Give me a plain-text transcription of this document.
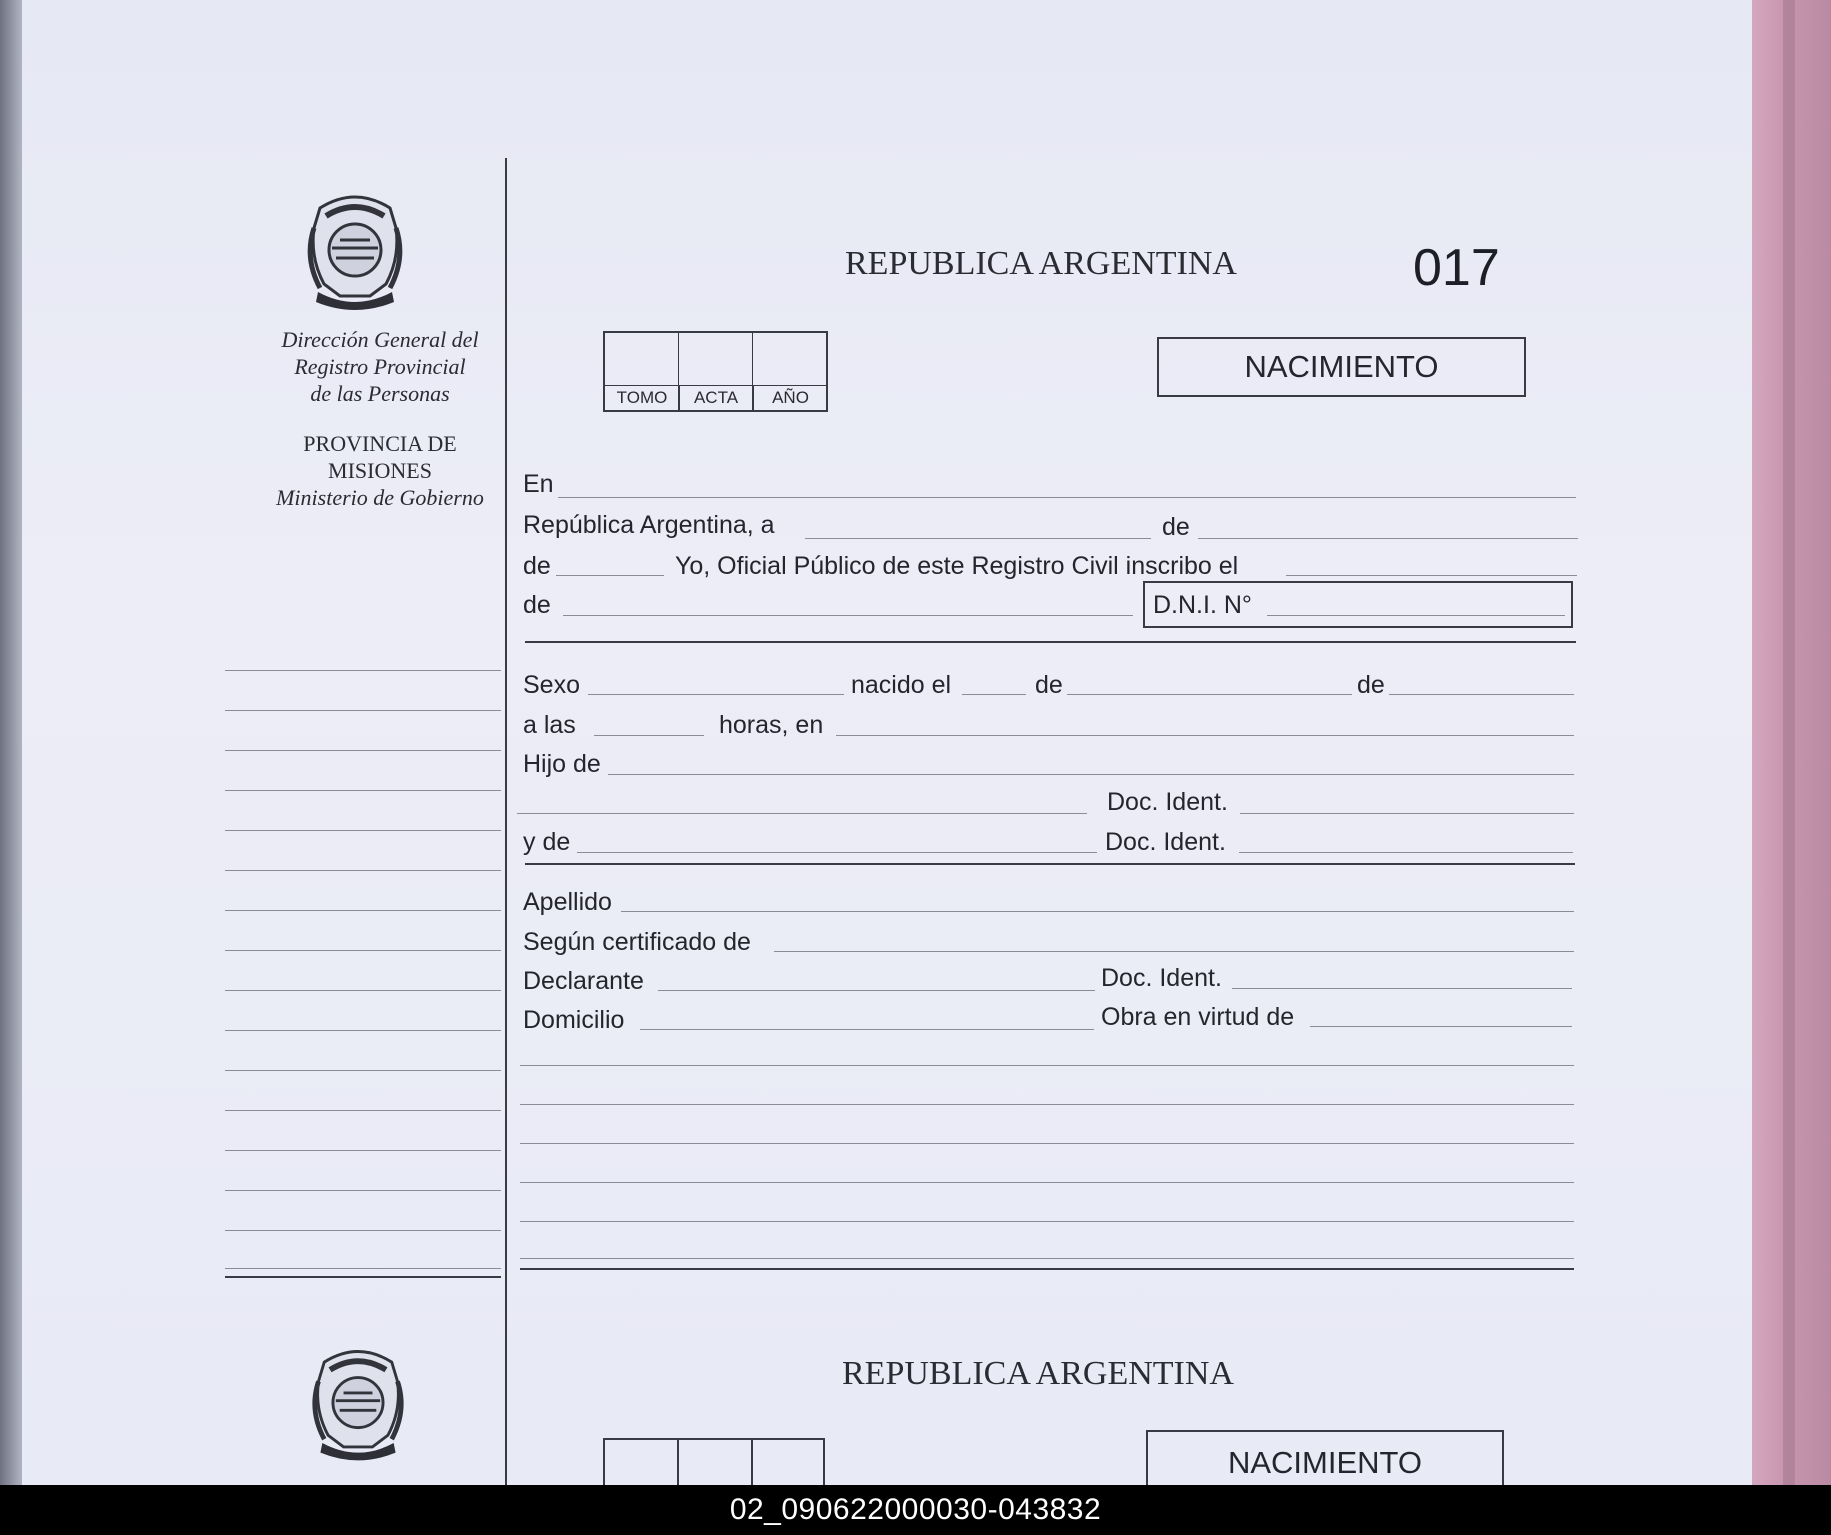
Dirección General del
Registro Provincial
de las Personas
PROVINCIA DE
MISIONES
Ministerio de Gobierno
REPUBLICA ARGENTINA	017
TOMO	ACTA	AÑO
NACIMIENTO
En
República Argentina, a	de
de	Yo, Oficial Público de este Registro Civil inscribo el
de	D.N.I. N°
Sexo	nacido el	de	de
a las	horas, en
Hijo de
Doc. Ident.
y de	Doc. Ident.
Apellido
Según certificado de
Declarante	Doc. Ident.
Domicilio	Obra en virtud de
REPUBLICA ARGENTINA
NACIMIENTO
02_090622000030-043832
